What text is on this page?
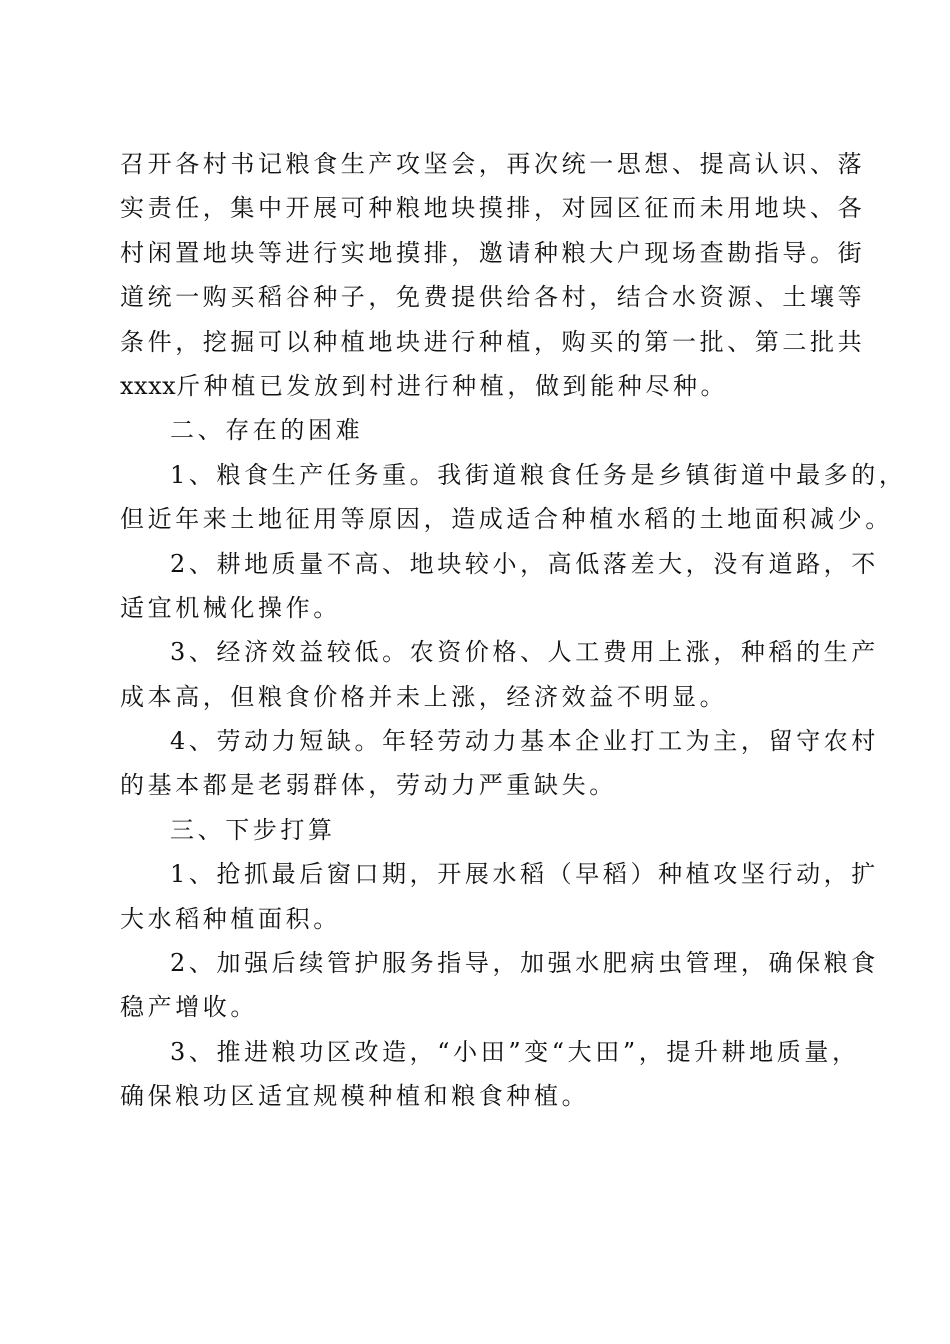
召开各村书记粮食生产攻坚会，再次统一思想、提高认识、落
实责任，集中开展可种粮地块摸排，对园区征而未用地块、各
村闲置地块等进行实地摸排，邀请种粮大户现场查勘指导。街
道统一购买稻谷种子，免费提供给各村，结合水资源、土壤等
条件，挖掘可以种植地块进行种植，购买的第一批、第二批共
xxxx斤种植已发放到村进行种植，做到能种尽种。
二、存在的困难
1、粮食生产任务重。我街道粮食任务是乡镇街道中最多的，
但近年来土地征用等原因，造成适合种植水稻的土地面积减少。
2、耕地质量不高、地块较小，高低落差大，没有道路，不
适宜机械化操作。
3、经济效益较低。农资价格、人工费用上涨，种稻的生产
成本高，但粮食价格并未上涨，经济效益不明显。
4、劳动力短缺。年轻劳动力基本企业打工为主，留守农村
的基本都是老弱群体，劳动力严重缺失。
三、下步打算
1、抢抓最后窗口期，开展水稻（早稻）种植攻坚行动，扩
大水稻种植面积。
2、加强后续管护服务指导，加强水肥病虫管理，确保粮食
稳产增收。
3、推进粮功区改造，“小田”变“大田”，提升耕地质量，
确保粮功区适宜规模种植和粮食种植。
